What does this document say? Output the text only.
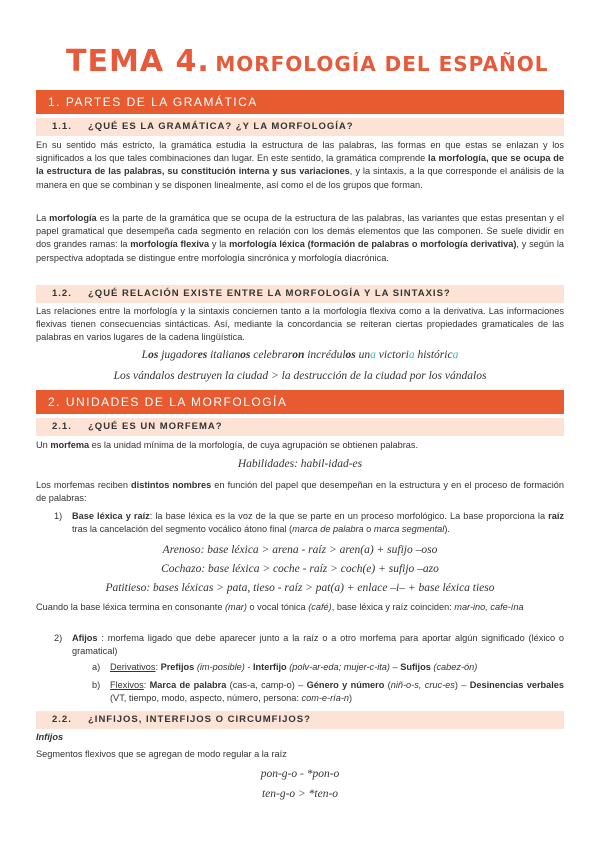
TEMA 4. MORFOLOGÍA DEL ESPAÑOL
1. PARTES DE LA GRAMÁTICA
1.1. ¿QUÉ ES LA GRAMÁTICA? ¿Y LA MORFOLOGÍA?
En su sentido más estricto, la gramática estudia la estructura de las palabras, las formas en que estas se enlazan y los significados a los que tales combinaciones dan lugar. En este sentido, la gramática comprende la morfología, que se ocupa de la estructura de las palabras, su constitución interna y sus variaciones, y la sintaxis, a la que corresponde el análisis de la manera en que se combinan y se disponen linealmente, así como el de los grupos que forman.
La morfología es la parte de la gramática que se ocupa de la estructura de las palabras, las variantes que estas presentan y el papel gramatical que desempeña cada segmento en relación con los demás elementos que las componen. Se suele dividir en dos grandes ramas: la morfología flexiva y la morfología léxica (formación de palabras o morfología derivativa), y según la perspectiva adoptada se distingue entre morfología sincrónica y morfología diacrónica.
1.2. ¿QUÉ RELACIÓN EXISTE ENTRE LA MORFOLOGÍA Y LA SINTAXIS?
Las relaciones entre la morfología y la sintaxis conciernen tanto a la morfología flexiva como a la derivativa. Las informaciones flexivas tienen consecuencias sintácticas. Así, mediante la concordancia se reiteran ciertas propiedades gramaticales de las palabras en varios lugares de la cadena lingüística.
Los jugadores italianos celebraron incrédulos una victoria histórica
Los vándalos destruyen la ciudad > la destrucción de la ciudad por los vándalos
2. UNIDADES DE LA MORFOLOGÍA
2.1. ¿QUÉ ES UN MORFEMA?
Un morfema es la unidad mínima de la morfología, de cuya agrupación se obtienen palabras.
Habilidades: habil-idad-es
Los morfemas reciben distintos nombres en función del papel que desempeñan en la estructura y en el proceso de formación de palabras:
1) Base léxica y raíz: la base léxica es la voz de la que se parte en un proceso morfológico. La base proporciona la raíz tras la cancelación del segmento vocálico átono final (marca de palabra o marca segmental).
Arenoso: base léxica > arena - raíz > aren(a) + sufijo –oso
Cochazo: base léxica > coche - raíz > coch(e) + sufijo –azo
Patitieso: bases léxicas > pata, tieso - raíz > pat(a) + enlace –i– + base léxica tieso
Cuando la base léxica termina en consonante (mar) o vocal tónica (café), base léxica y raíz coinciden: mar-ino, cafe-ína
2) Afijos : morfema ligado que debe aparecer junto a la raíz o a otro morfema para aportar algún significado (léxico o gramatical)
a) Derivativos: Prefijos (im-posible) - Interfijo (polv-ar-eda; mujer-c-ita) – Sufijos (cabez-ón)
b) Flexivos: Marca de palabra (cas-a, camp-o) – Género y número (niñ-o-s, cruc-es) – Desinencias verbales (VT, tiempo, modo, aspecto, número, persona: com-e-ría-n)
2.2. ¿INFIJOS, INTERFIJOS O CIRCUMFIJOS?
Infijos
Segmentos flexivos que se agregan de modo regular a la raíz
pon-g-o - *pon-o
ten-g-o > *ten-o
